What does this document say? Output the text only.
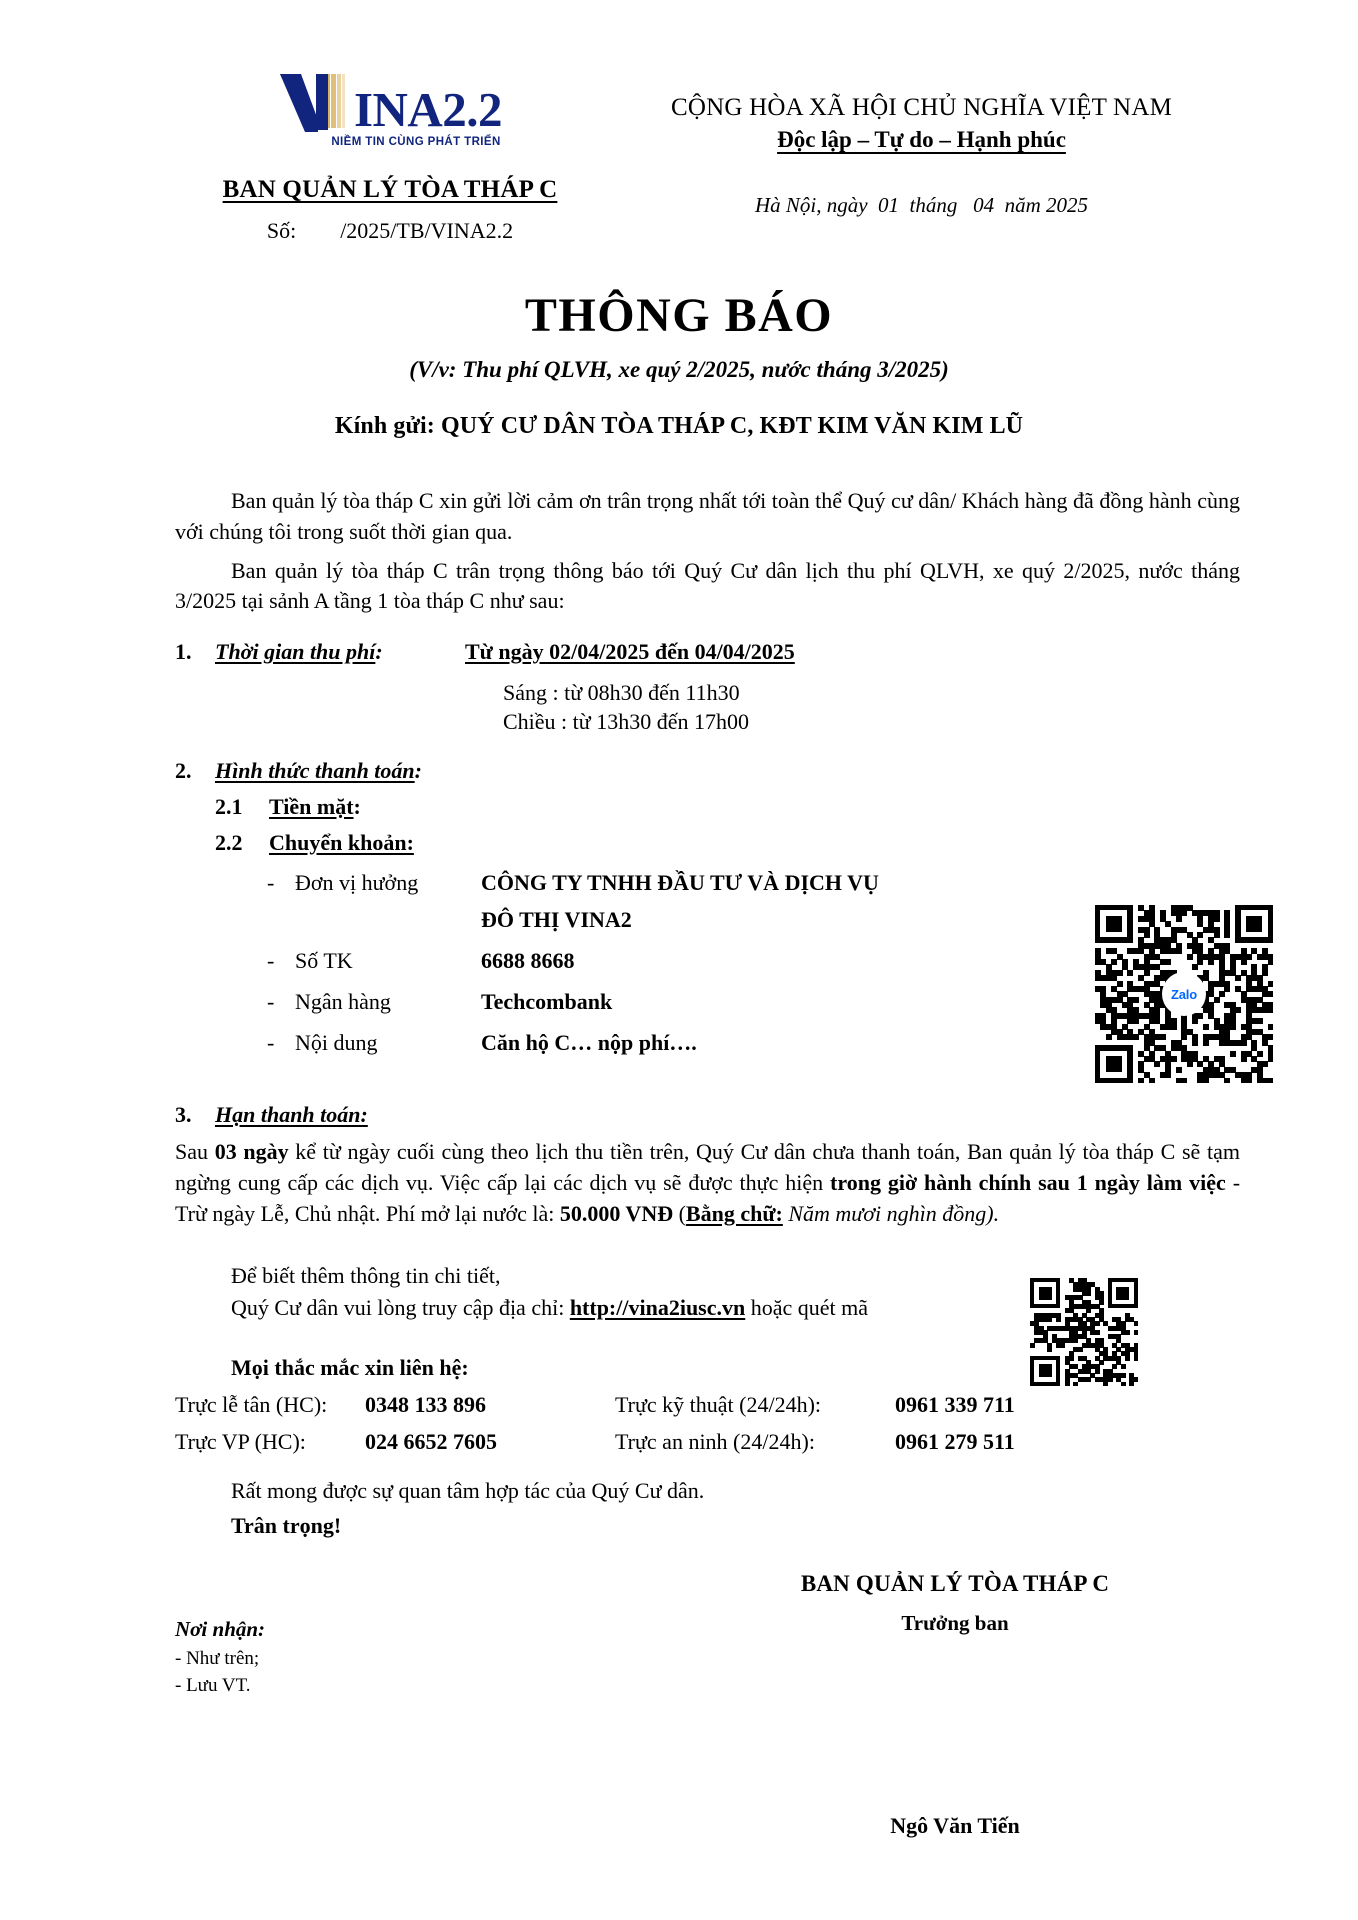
INA2.2
NIỀM TIN CÙNG PHÁT TRIỂN
BAN QUẢN LÝ TÒA THÁP C
Số:        /2025/TB/VINA2.2
CỘNG HÒA XÃ HỘI CHỦ NGHĨA VIỆT NAM
Độc lập – Tự do – Hạnh phúc
Hà Nội, ngày  01  tháng   04  năm 2025
THÔNG BÁO
(V/v: Thu phí QLVH, xe quý 2/2025, nước tháng 3/2025)
Kính gửi: QUÝ CƯ DÂN TÒA THÁP C, KĐT KIM VĂN KIM LŨ

Ban quản lý tòa tháp C xin gửi lời cảm ơn trân trọng nhất tới toàn thể Quý cư dân/ Khách hàng đã đồng hành cùng với chúng tôi trong suốt thời gian qua.

Ban quản lý tòa tháp C trân trọng thông báo tới Quý Cư dân lịch thu phí QLVH, xe quý 2/2025, nước tháng 3/2025 tại sảnh A tầng 1 tòa tháp C như sau:

1.	Thời gian thu phí:	Từ ngày 02/04/2025 đến 04/04/2025
Sáng : từ 08h30 đến 11h30
Chiều : từ 13h30 đến 17h00
2.	Hình thức thanh toán:
2.1	Tiền mặt:
2.2	Chuyển khoản:
- Đơn vị hưởng	CÔNG TY TNHH ĐẦU TƯ VÀ DỊCH VỤ
ĐÔ THỊ VINA2
- Số TK	6688 8668
- Ngân hàng	Techcombank
- Nội dung	Căn hộ C… nộp phí….
3.	Hạn thanh toán:
Sau 03 ngày kể từ ngày cuối cùng theo lịch thu tiền trên, Quý Cư dân chưa thanh toán, Ban quản lý tòa tháp C sẽ tạm ngừng cung cấp các dịch vụ. Việc cấp lại các dịch vụ sẽ được thực hiện trong giờ hành chính sau 1 ngày làm việc - Trừ ngày Lễ, Chủ nhật. Phí mở lại nước là: 50.000 VNĐ (Bằng chữ: Năm mươi nghìn đồng).
Để biết thêm thông tin chi tiết,
Quý Cư dân vui lòng truy cập địa chỉ: http://vina2iusc.vn hoặc quét mã
Mọi thắc mắc xin liên hệ:
Trực lễ tân (HC):	0348 133 896	Trực kỹ thuật (24/24h):	0961 339 711
Trực VP (HC):	024 6652 7605	Trực an ninh (24/24h):	0961 279 511
Rất mong được sự quan tâm hợp tác của Quý Cư dân.
Trân trọng!
Nơi nhận:
- Như trên;
- Lưu VT.
BAN QUẢN LÝ TÒA THÁP C
Trưởng ban
Ngô Văn Tiến
Zalo
